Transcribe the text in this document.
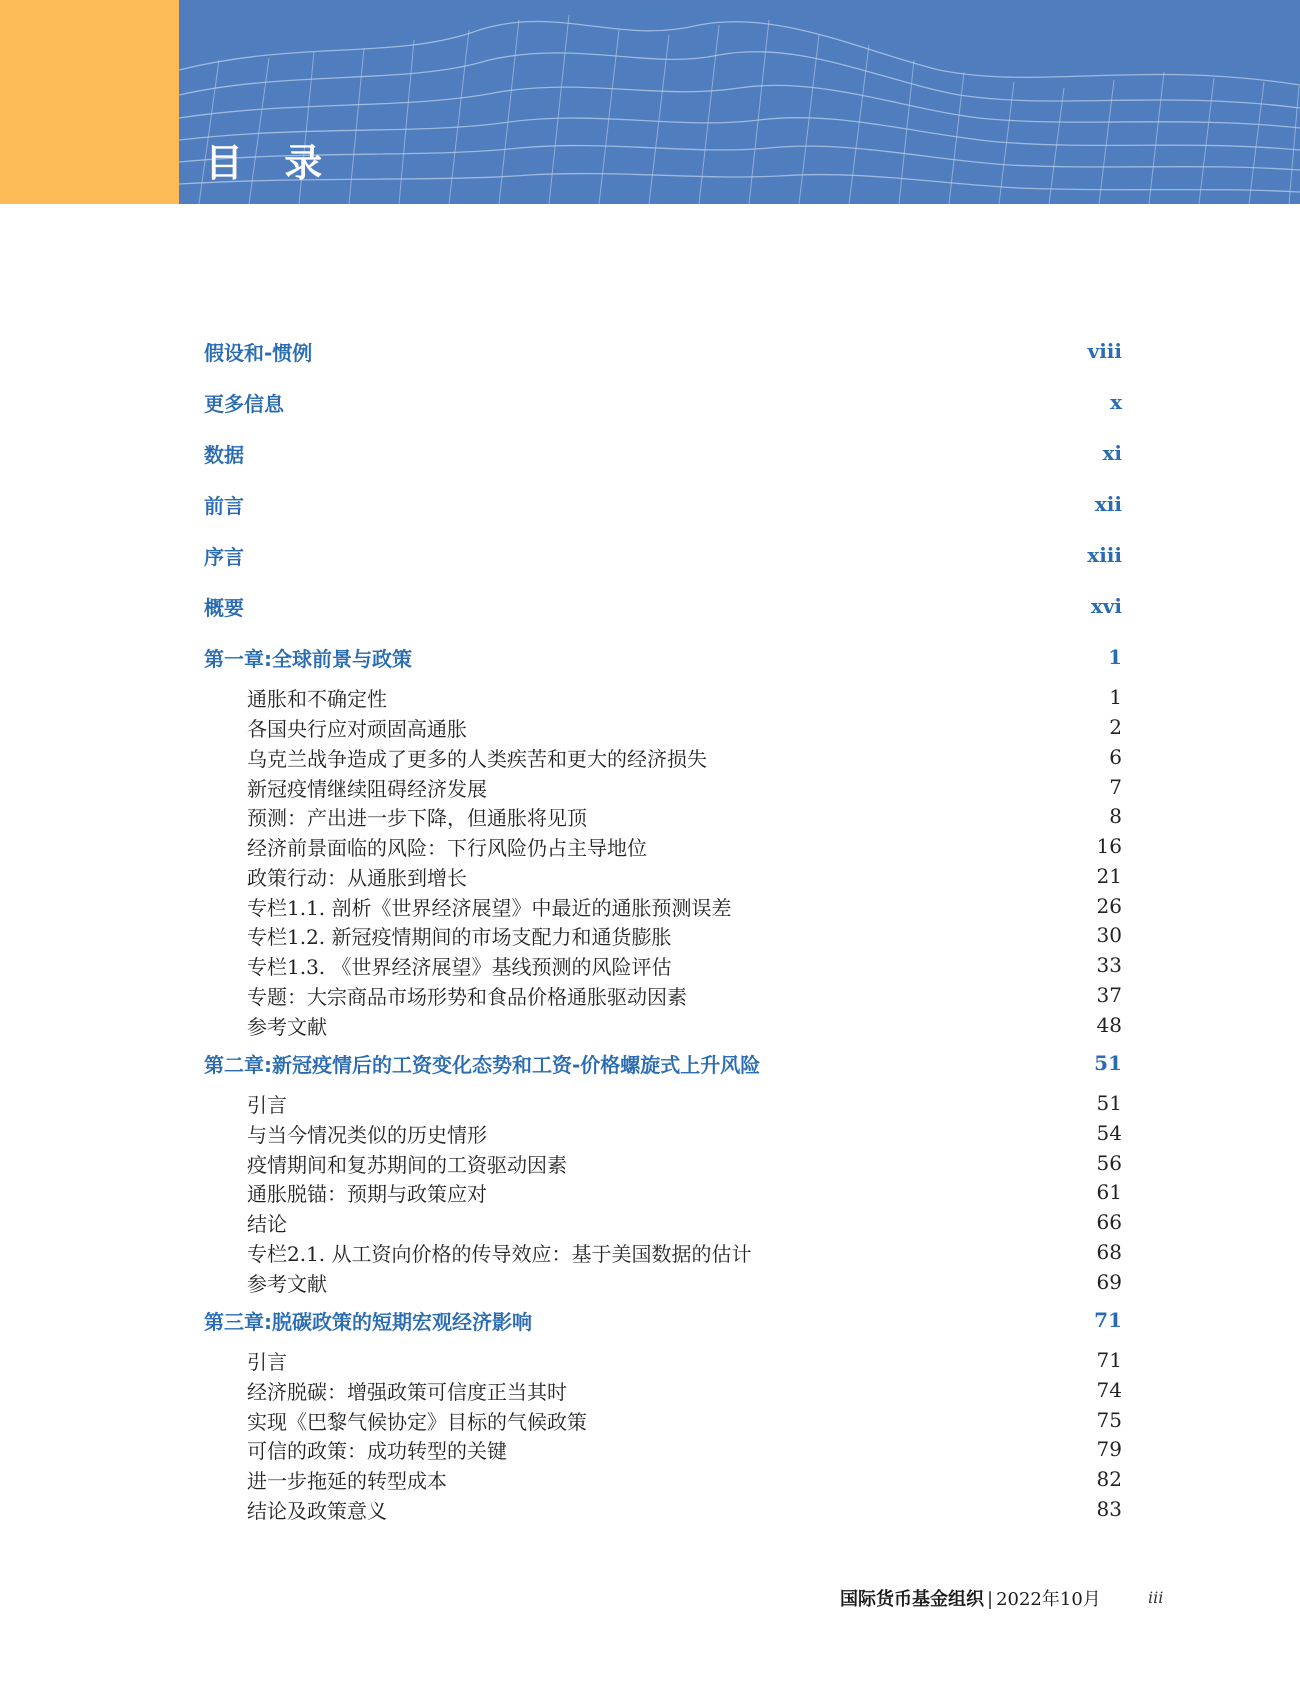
目 录
假设和-惯例	viii
更多信息	x
数据	xi
前言	xii
序言	xiii
概要	xvi
第一章:全球前景与政策	1
通胀和不确定性	1
各国央行应对顽固高通胀	2
乌克兰战争造成了更多的人类疾苦和更大的经济损失	6
新冠疫情继续阻碍经济发展	7
预测：产出进一步下降，但通胀将见顶	8
经济前景面临的风险：下行风险仍占主导地位	16
政策行动：从通胀到增长	21
专栏1.1. 剖析《世界经济展望》中最近的通胀预测误差	26
专栏1.2. 新冠疫情期间的市场支配力和通货膨胀	30
专栏1.3. 《世界经济展望》基线预测的风险评估	33
专题：大宗商品市场形势和食品价格通胀驱动因素	37
参考文献	48
第二章:新冠疫情后的工资变化态势和工资-价格螺旋式上升风险	51
引言	51
与当今情况类似的历史情形	54
疫情期间和复苏期间的工资驱动因素	56
通胀脱锚：预期与政策应对	61
结论	66
专栏2.1. 从工资向价格的传导效应：基于美国数据的估计	68
参考文献	69
第三章:脱碳政策的短期宏观经济影响	71
引言	71
经济脱碳：增强政策可信度正当其时	74
实现《巴黎气候协定》目标的气候政策	75
可信的政策：成功转型的关键	79
进一步拖延的转型成本	82
结论及政策意义	83
国际货币基金组织 | 2022年10月	iii
